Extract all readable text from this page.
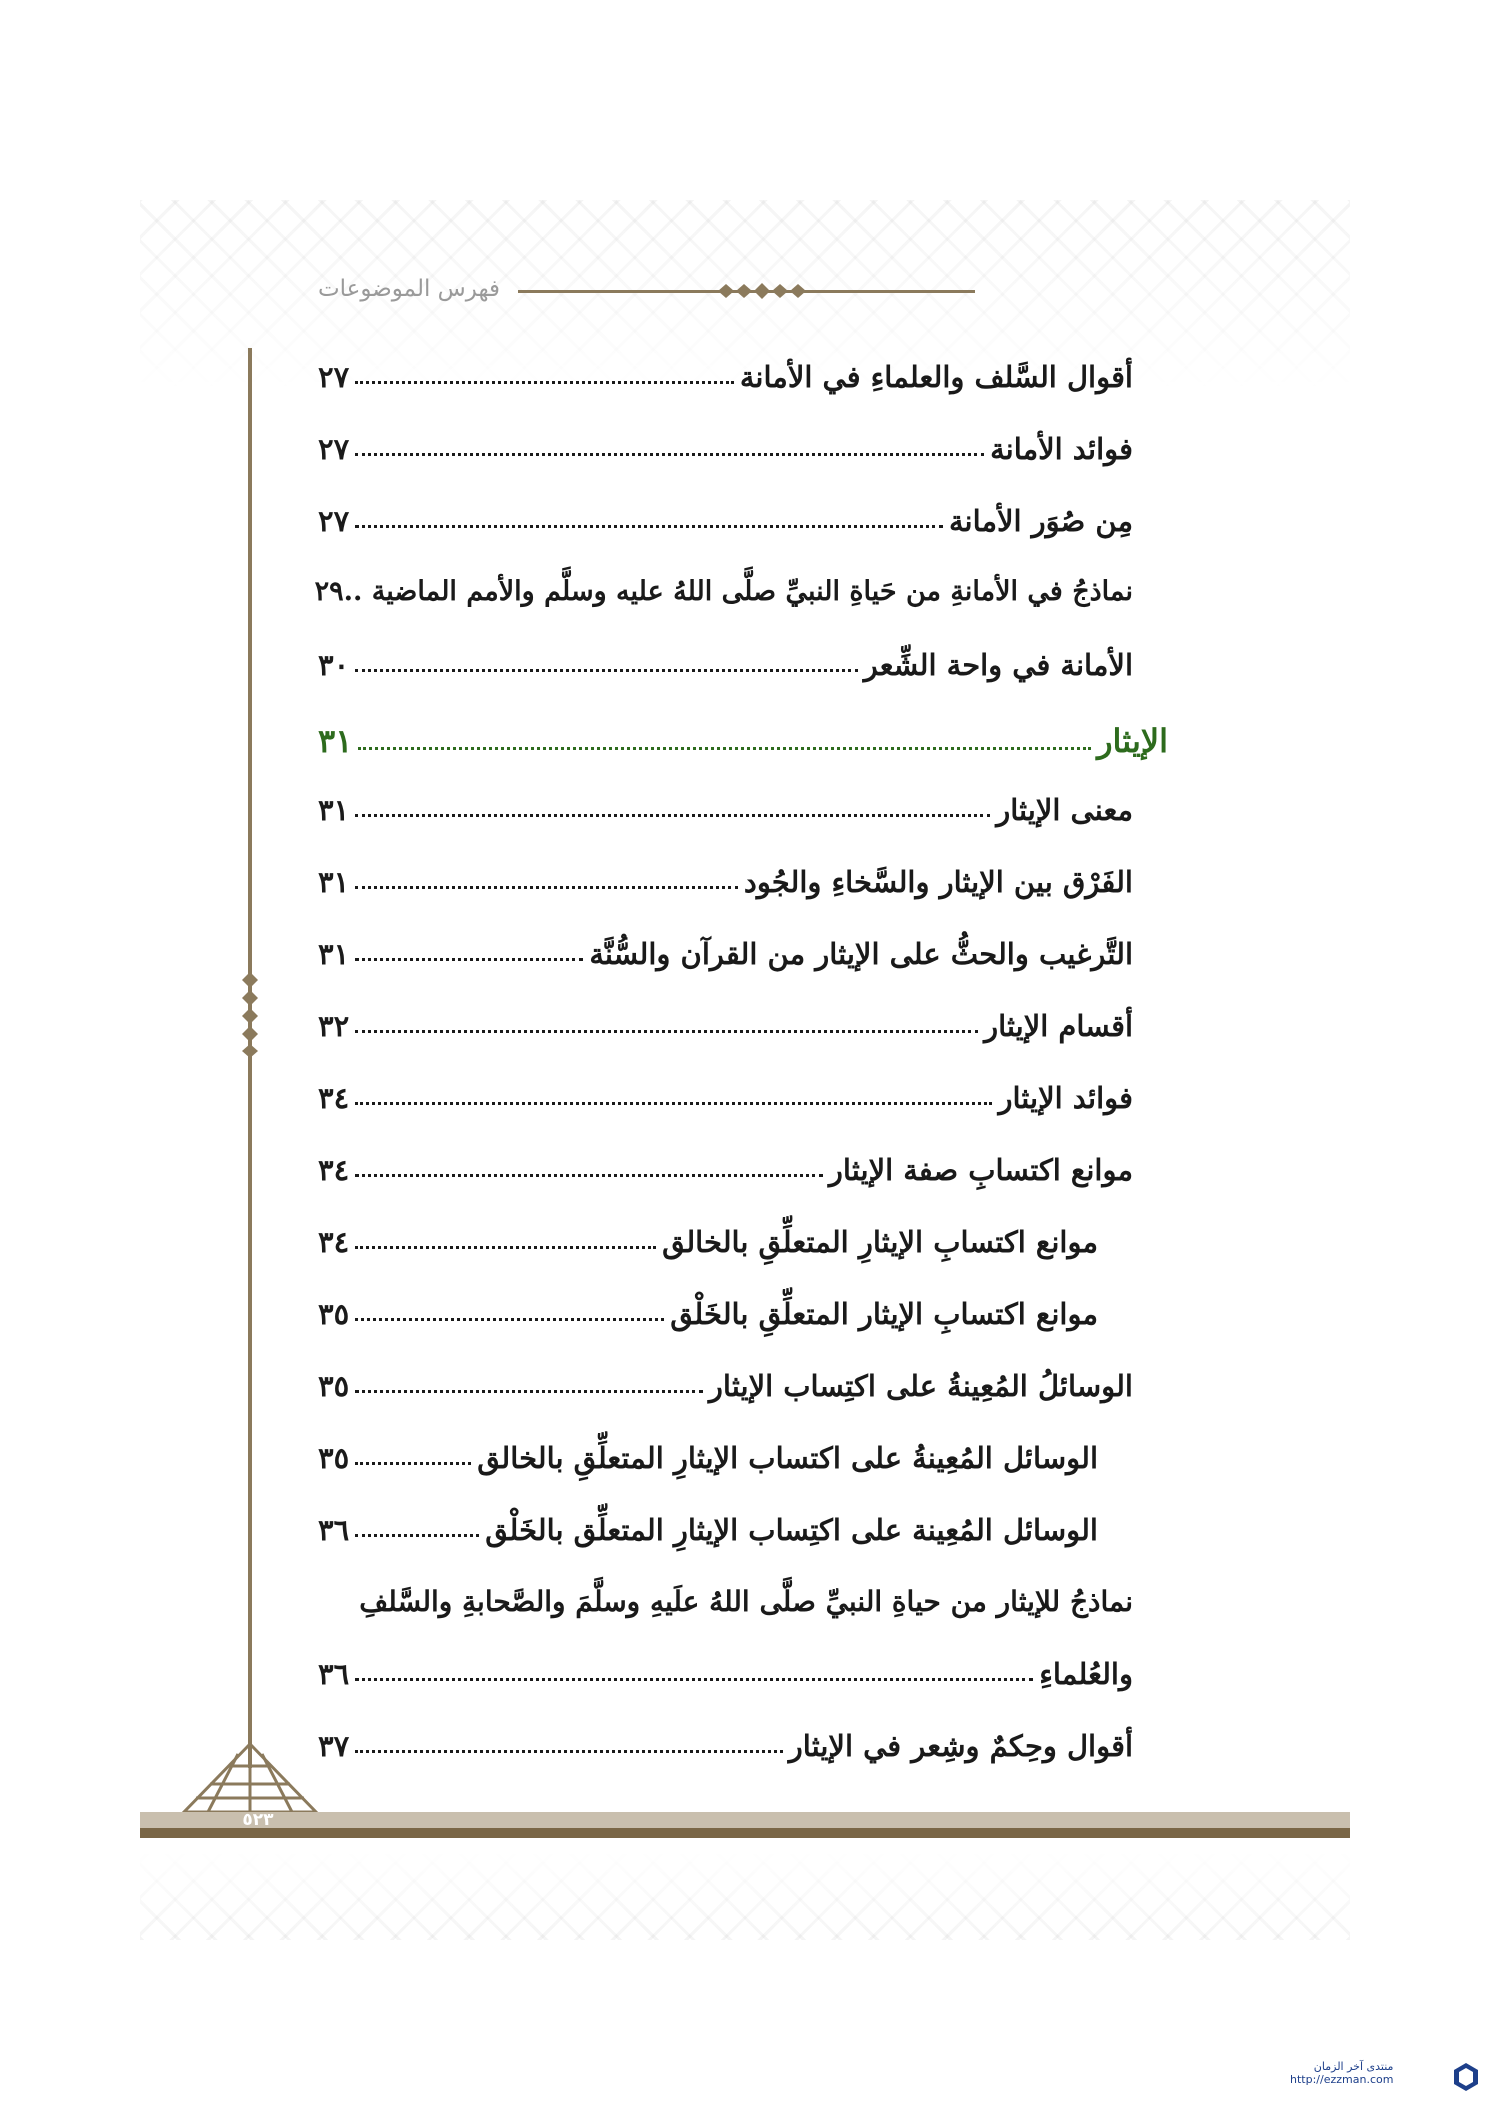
فهرس الموضوعات
أقوال السَّلف والعلماءِ في الأمانة
٢٧
فوائد الأمانة
٢٧
مِن صُوَر الأمانة
٢٧
نماذجُ في الأمانةِ من حَياةِ النبيِّ صلَّى اللهُ عليه وسلَّم والأمم الماضية ..
٢٩
الأمانة في واحة الشِّعر
٣٠
الإيثار
٣١
معنى الإيثار
٣١
الفَرْق بين الإيثار والسَّخاءِ والجُود
٣١
التَّرغيب والحثُّ على الإيثار من القرآن والسُّنَّة
٣١
أقسام الإيثار
٣٢
فوائد الإيثار
٣٤
موانع اكتسابِ صفة الإيثار
٣٤
موانع اكتسابِ الإيثارِ المتعلِّقِ بالخالق
٣٤
موانع اكتسابِ الإيثار المتعلِّقِ بالخَلْق
٣٥
الوسائلُ المُعِينةُ على اكتِساب الإيثار
٣٥
الوسائل المُعِينةُ على اكتساب الإيثارِ المتعلِّقِ بالخالق
٣٥
الوسائل المُعِينة على اكتِساب الإيثارِ المتعلِّق بالخَلْق
٣٦
نماذجُ للإيثار من حياةِ النبيِّ صلَّى اللهُ علَيهِ وسلَّمَ والصَّحابةِ والسَّلفِ
والعُلماءِ
٣٦
أقوال وحِكمٌ وشِعر في الإيثار
٣٧
٥٢٣
منتدى آخر الزمان
http://ezzman.com
